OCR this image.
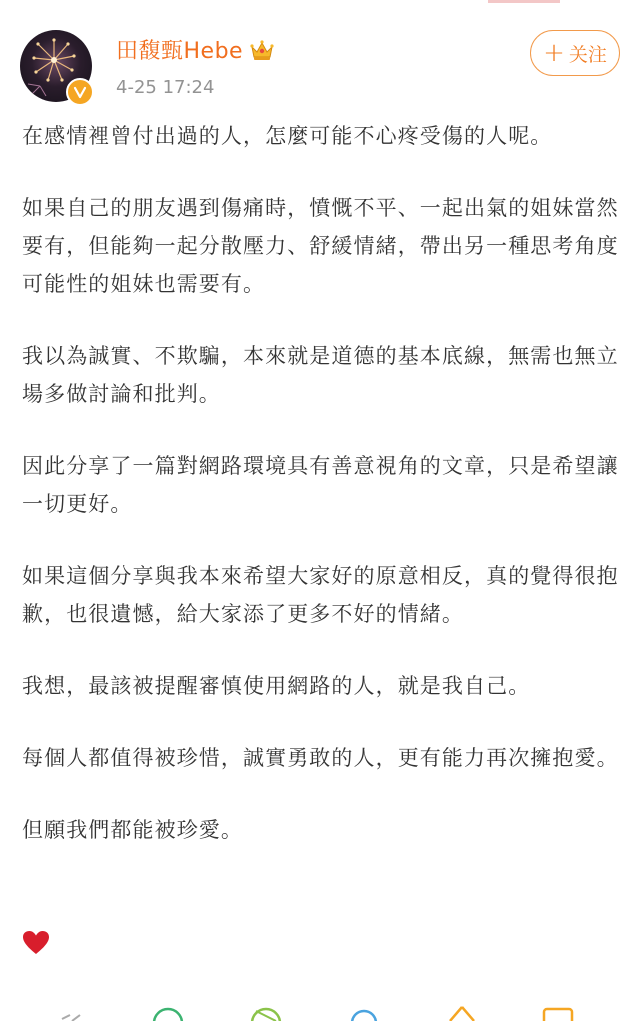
田馥甄Hebe
4-25 17:24
+ 关注

在感情裡曾付出過的人，怎麼可能不心疼受傷的人呢。

如果自己的朋友遇到傷痛時，憤慨不平、一起出氣的姐妹當然要有，但能夠一起分散壓力、舒緩情緒，帶出另一種思考角度可能性的姐妹也需要有。

我以為誠實、不欺騙，本來就是道德的基本底線，無需也無立場多做討論和批判。

因此分享了一篇對網路環境具有善意視角的文章，只是希望讓一切更好。

如果這個分享與我本來希望大家好的原意相反，真的覺得很抱歉，也很遺憾，給大家添了更多不好的情緒。

我想，最該被提醒審慎使用網路的人，就是我自己。

每個人都值得被珍惜，誠實勇敢的人，更有能力再次擁抱愛。

但願我們都能被珍愛。
